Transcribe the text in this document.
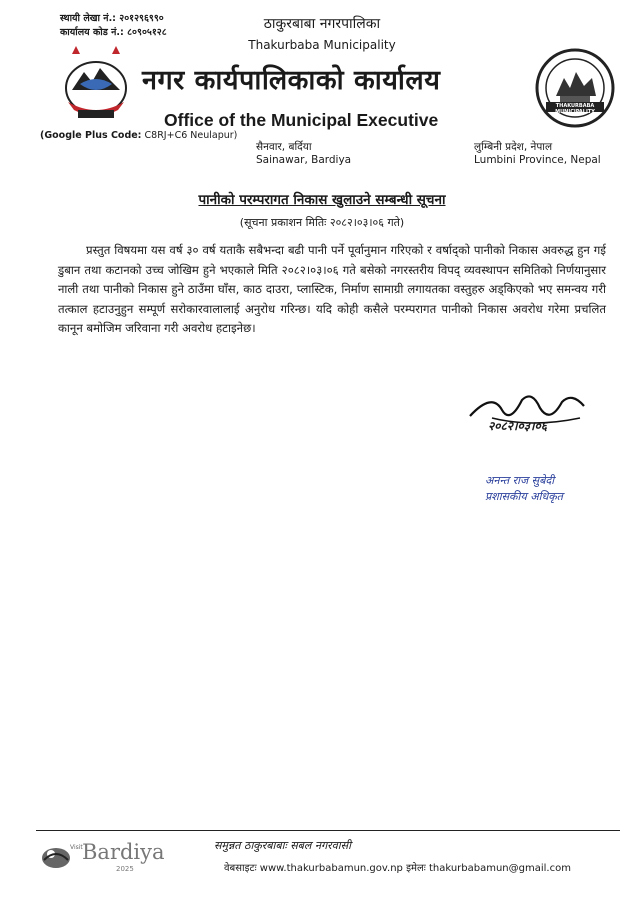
स्थायी लेखा नं.: २०१२९६९९०
कार्यालय कोड नं.: ८०९०५१२८
ठाकुरबाबा नगरपालिका
Thakurbaba Municipality
नगर कार्यपालिकाको कार्यालय
Office of the Municipal Executive
THAKURBABA MUNICIPALITY
(Google Plus Code: C8RJ+C6 Neulapur)
सैनवार, बर्दिया
Sainawar, Bardiya
लुम्बिनी प्रदेश, नेपाल
Lumbini Province, Nepal
पानीको परम्परागत निकास खुलाउने सम्बन्धी सूचना
(सूचना प्रकाशन मितिः २०८२।०३।०६ गते)
प्रस्तुत विषयमा यस वर्ष ३० वर्ष यताकै सबैभन्दा बढी पानी पर्ने पूर्वानुमान गरिएको र वर्षाद्को पानीको निकास अवरुद्ध हुन गई डुबान तथा कटानको उच्च जोखिम हुने भएकाले मिति २०८२।०३।०६ गते बसेको नगरस्तरीय विपद् व्यवस्थापन समितिको निर्णयानुसार नाली तथा पानीको निकास हुने ठाउँमा घाँस, काठ दाउरा, प्लास्टिक, निर्माण सामाग्री लगायतका वस्तुहरु अड्किएको भए समन्वय गरी तत्काल हटाउनुहुन सम्पूर्ण सरोकारवालालाई अनुरोध गरिन्छ। यदि कोही कसैले परम्परागत पानीको निकास अवरोध गरेमा प्रचलित कानून बमोजिम जरिवाना गरी अवरोध हटाइनेछ।
२०८२।०३।०६
अनन्त राज सुबेदी
प्रशासकीय अधिकृत
Visit Bardiya
2025
समुन्नत ठाकुरबाबाः सबल नगरवासी
वेबसाइटः www.thakurbabamun.gov.np इमेलः thakurbabamun@gmail.com
